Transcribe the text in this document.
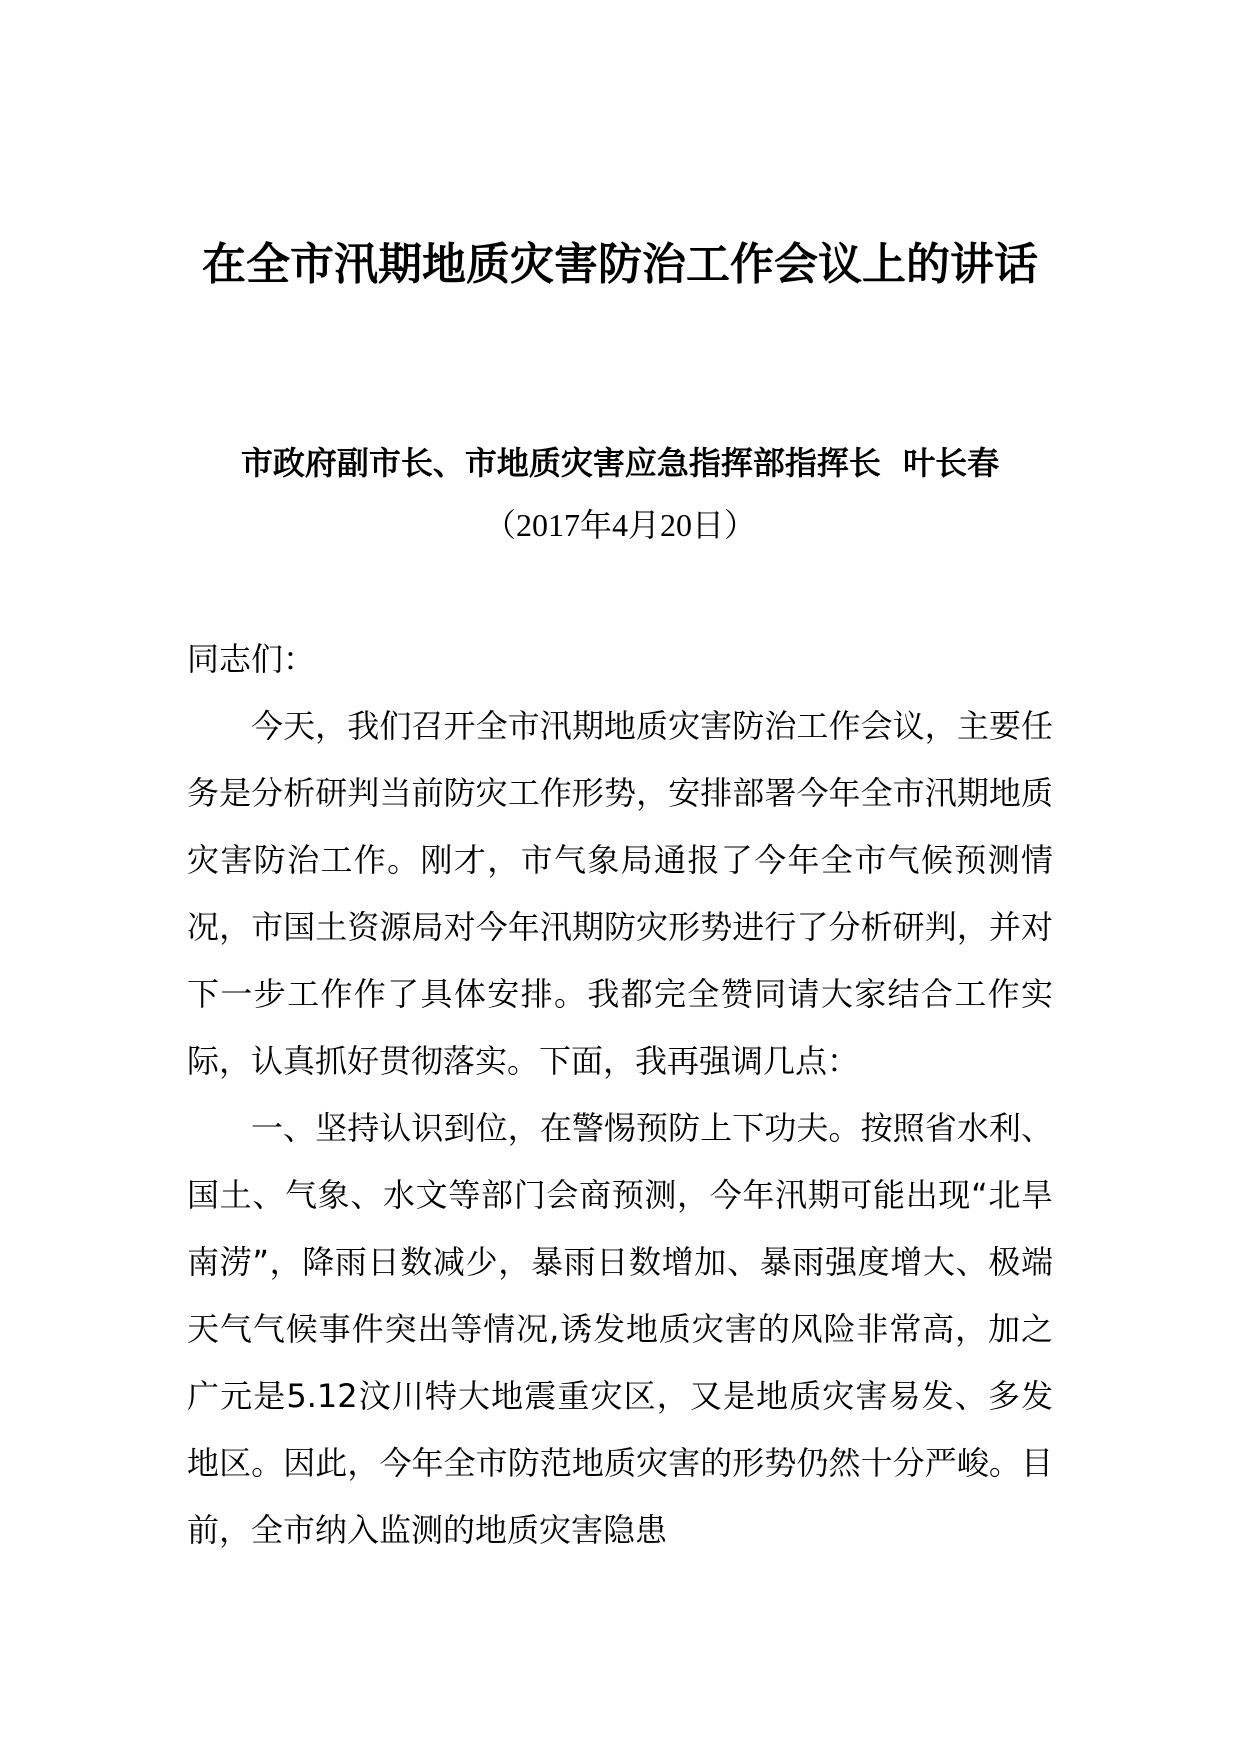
在全市汛期地质灾害防治工作会议上的讲话
市政府副市长、市地质灾害应急指挥部指挥长  叶长春
（2017年4月20日）

同志们：

今天，我们召开全市汛期地质灾害防治工作会议，主要任务是分析研判当前防灾工作形势，安排部署今年全市汛期地质灾害防治工作。刚才，市气象局通报了今年全市气候预测情况，市国土资源局对今年汛期防灾形势进行了分析研判，并对下一步工作作了具体安排。我都完全赞同请大家结合工作实际，认真抓好贯彻落实。下面，我再强调几点：

一、坚持认识到位，在警惕预防上下功夫。按照省水利、国土、气象、水文等部门会商预测，今年汛期可能出现“北旱南涝”，降雨日数减少，暴雨日数增加、暴雨强度增大、极端天气气候事件突出等情况,诱发地质灾害的风险非常高，加之广元是5.12汶川特大地震重灾区，又是地质灾害易发、多发地区。因此，今年全市防范地质灾害的形势仍然十分严峻。目前，全市纳入监测的地质灾害隐患
